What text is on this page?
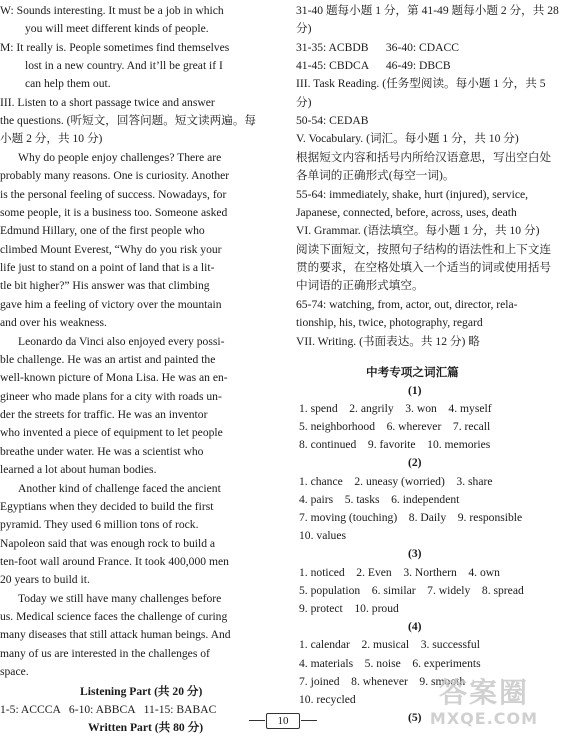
W: Sounds interesting. It must be a job in which
you will meet different kinds of people.
M: It really is. People sometimes find themselves
lost in a new country. And it’ll be great if I
can help them out.
III. Listen to a short passage twice and answer
the questions. (听短文，回答问题。短文读两遍。每
小题 2 分，共 10 分)
Why do people enjoy challenges? There are
probably many reasons. One is curiosity. Another
is the personal feeling of success. Nowadays, for
some people, it is a business too. Someone asked
Edmund Hillary, one of the first people who
climbed Mount Everest, “Why do you risk your
life just to stand on a point of land that is a lit-
tle bit higher?” His answer was that climbing
gave him a feeling of victory over the mountain
and over his weakness.
Leonardo da Vinci also enjoyed every possi-
ble challenge. He was an artist and painted the
well-known picture of Mona Lisa. He was an en-
gineer who made plans for a city with roads un-
der the streets for traffic. He was an inventor
who invented a piece of equipment to let people
breathe under water. He was a scientist who
learned a lot about human bodies.
Another kind of challenge faced the ancient
Egyptians when they decided to build the first
pyramid. They used 6 million tons of rock.
Napoleon said that was enough rock to build a
ten-foot wall around France. It took 400,000 men
20 years to build it.
Today we still have many challenges before
us. Medical science faces the challenge of curing
many diseases that still attack human beings. And
many of us are interested in the challenges of
space.
Listening Part (共 20 分)
1-5: ACCCA   6-10: ABBCA   11-15: BABAC
Written Part (共 80 分)
31-40 题每小题 1 分，第 41-49 题每小题 2 分，共 28
分)
31-35: ACBDB      36-40: CDACC
41-45: CBDCA      46-49: DBCB
III. Task Reading. (任务型阅读。每小题 1 分，共 5
分)
50-54: CEDAB
V. Vocabulary. (词汇。每小题 1 分，共 10 分)
根据短文内容和括号内所给汉语意思，写出空白处
各单词的正确形式(每空一词)。
55-64: immediately, shake, hurt (injured), service,
Japanese, connected, before, across, uses, death
VI. Grammar. (语法填空。每小题 1 分，共 10 分)
阅读下面短文，按照句子结构的语法性和上下文连
贯的要求，在空格处填入一个适当的词或使用括号
中词语的正确形式填空。
65-74: watching, from, actor, out, director, rela-
tionship, his, twice, photography, regard
VII. Writing. (书面表达。共 12 分) 略
中考专项之词汇篇
(1)
1. spend    2. angrily    3. won    4. myself
5. neighborhood    6. wherever    7. recall
8. continued    9. favorite    10. memories
(2)
1. chance    2. uneasy (worried)    3. share
4. pairs    5. tasks    6. independent
7. moving (touching)    8. Daily    9. responsible
10. values
(3)
1. noticed    2. Even    3. Northern    4. own
5. population    6. similar    7. widely    8. spread
9. protect    10. proud
(4)
1. calendar    2. musical    3. successful
4. materials    5. noise    6. experiments
7. joined    8. whenever    9. smooth
10. recycled
(5)
10
答案圈
MXQE.COM
